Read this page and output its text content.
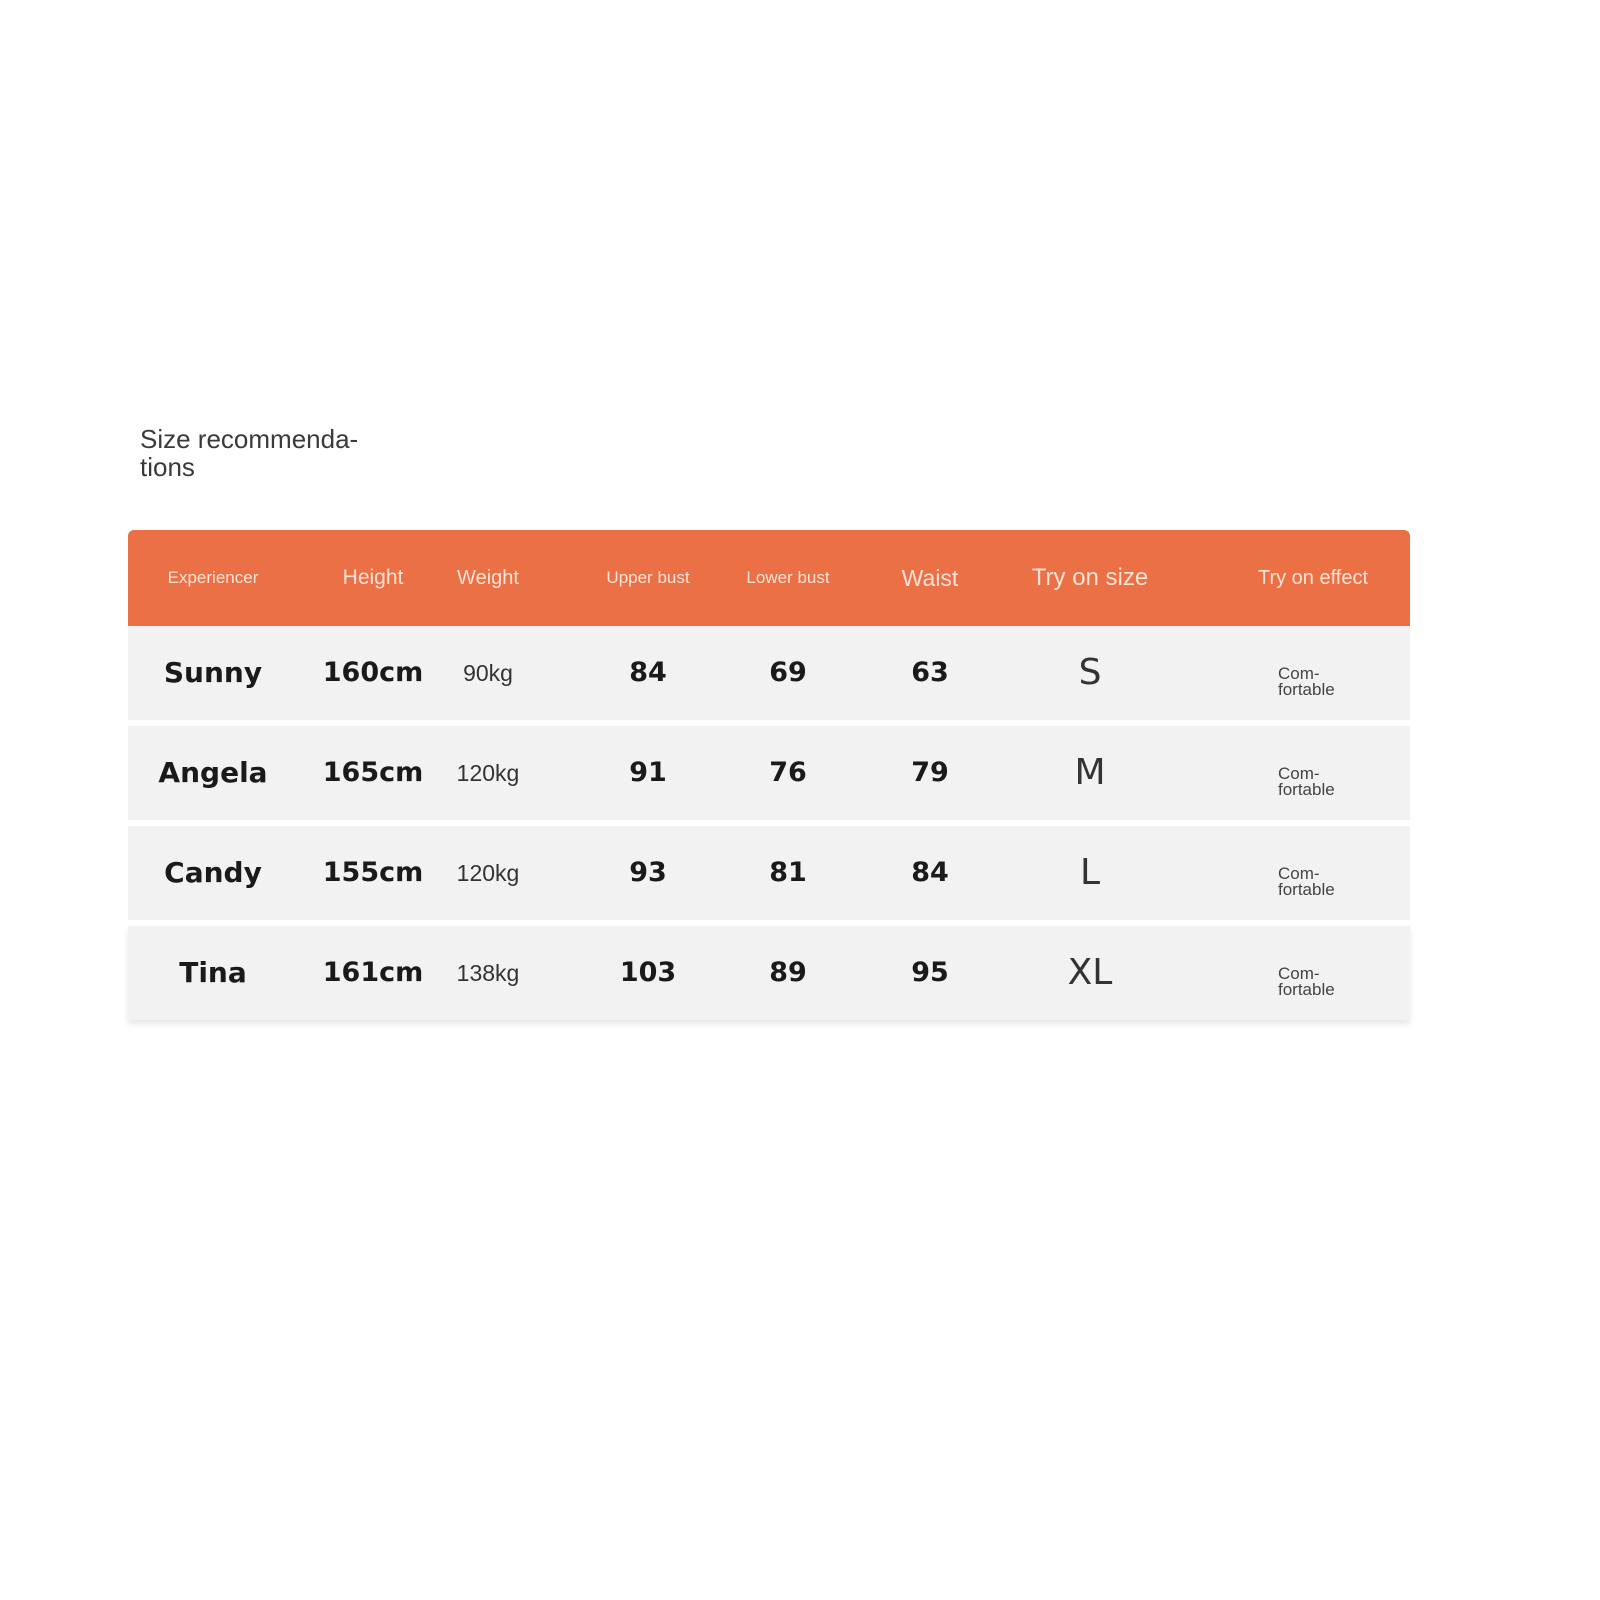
Size recommenda-
tions
Experiencer	Height	Weight	Upper bust	Lower bust	Waist	Try on size	Try on effect
Sunny 160cm 90kg	84	69	63	S	Com-
fortable
Angela 165cm 120kg	91	76	79	M	Com-
fortable
Candy 155cm 120kg	93	81	84	L	Com-
fortable
Tina	161cm 138kg	103	89	95	XL	Com-
fortable
